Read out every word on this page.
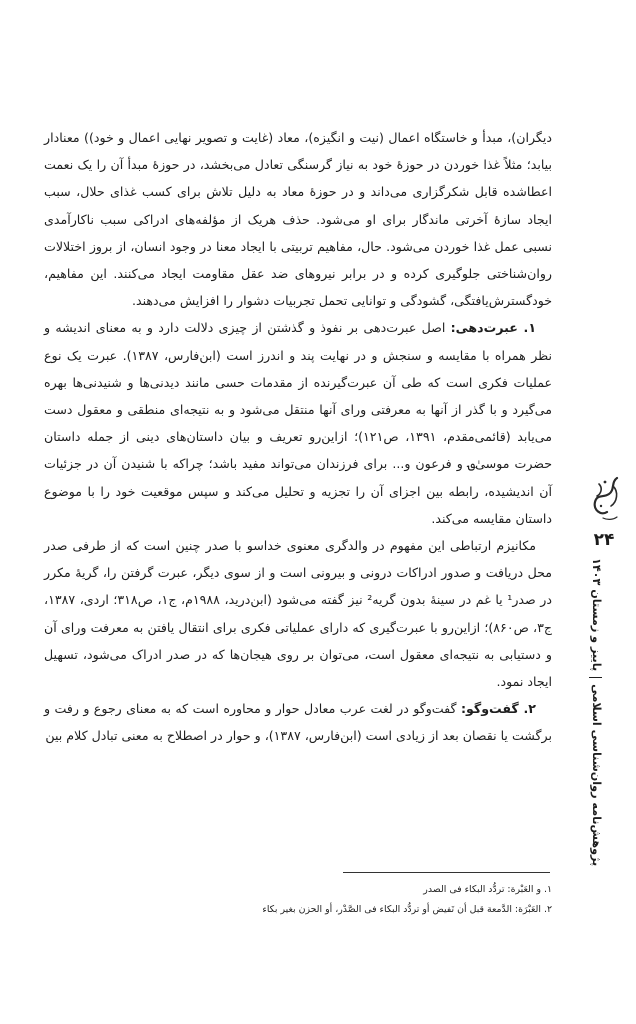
دیگران)، مبدأ و خاستگاه اعمال (نیت و انگیزه)، معاد (غایت و تصویر نهایی اعمال و خود)) معنادار بیابد؛ مثلاً غذا خوردن در حوزۀ خود به نیاز گرسنگی تعادل می‌بخشد، در حوزۀ مبدأ آن را یک نعمت اعطاشده قابل شکرگزاری می‌داند و در حوزۀ معاد به دلیل تلاش برای کسب غذای حلال، سبب ایجاد سازۀ آخرتی ماندگار برای او می‌شود. حذف هریک از مؤلفه‌های ادراکی سبب ناکارآمدی نسبی عمل غذا خوردن می‌شود. حال، مفاهیم تربیتی با ایجاد معنا در وجود انسان، از بروز اختلالات روان‌شناختی جلوگیری کرده و در برابر نیروهای ضد عقل مقاومت ایجاد می‌کنند. این مفاهیم، خودگسترش‌یافتگی، گشودگی و توانایی تحمل تجربیات دشوار را افزایش می‌دهند.

۱. عبرت‌دهی: اصل عبرت‌دهی بر نفوذ و گذشتن از چیزی دلالت دارد و به معنای اندیشه و نظر همراه با مقایسه و سنجش و در نهایت پند و اندرز است (ابن‌فارس، ۱۳۸۷). عبرت یک نوع عملیات فکری است که طی آن عبرت‌گیرنده از مقدمات حسی مانند دیدنی‌ها و شنیدنی‌ها بهره می‌گیرد و با گذر از آنها به معرفتی ورای آنها منتقل می‌شود و به نتیجه‌ای منطقی و معقول دست می‌یابد (قائمی‌مقدم، ۱۳۹۱، ص۱۲۱)؛ ازاین‌رو تعریف و بیان داستان‌های دینی از جمله داستان حضرت موسیٰ‌؈ و فرعون و... برای فرزندان می‌تواند مفید باشد؛ چراکه با شنیدن آن در جزئیات آن اندیشیده، رابطه بین اجزای آن را تجزیه و تحلیل می‌کند و سپس موقعیت خود را با موضوع داستان مقایسه می‌کند.

مکانیزم ارتباطی این مفهوم در والدگری معنوی خداسو با صدر چنین است که از طرفی صدر محل دریافت و صدور ادراکات درونی و بیرونی است و از سوی دیگر، عبرت گرفتن را، گریۀ مکرر در صدر¹ یا غم در سینۀ بدون گریه² نیز گفته می‌شود (ابن‌درید، ۱۹۸۸م، ج۱، ص۳۱۸؛ اردی، ۱۳۸۷، ج۳، ص۸۶۰)؛ ازاین‌رو با عبرت‌گیری که دارای عملیاتی فکری برای انتقال یافتن به معرفت ورای آن و دستیابی به نتیجه‌ای معقول است، می‌توان بر روی هیجان‌ها که در صدر ادراک می‌شود، تسهیل ایجاد نمود.

۲. گفت‌وگو: گفت‌وگو در لغت عرب معادل حوار و محاوره است که به معنای رجوع و رفت و برگشت یا نقصان بعد از زیادی است (ابن‌فارس، ۱۳۸۷)، و حوار در اصطلاح به معنی تبادل کلام بین

۱. و العَبْرة: تردُّد البکاء فی الصدر

۲. العَبْرَة: الدَّمعة قبل أن تَفیض أو تردُّد البکاء فی الصَّدْر، أو الحزن بغیر بکاء

۲۴
پژوهش‌نامه روان‌شناسی اسلامیپاییز و زمستان ۱۴۰۳
